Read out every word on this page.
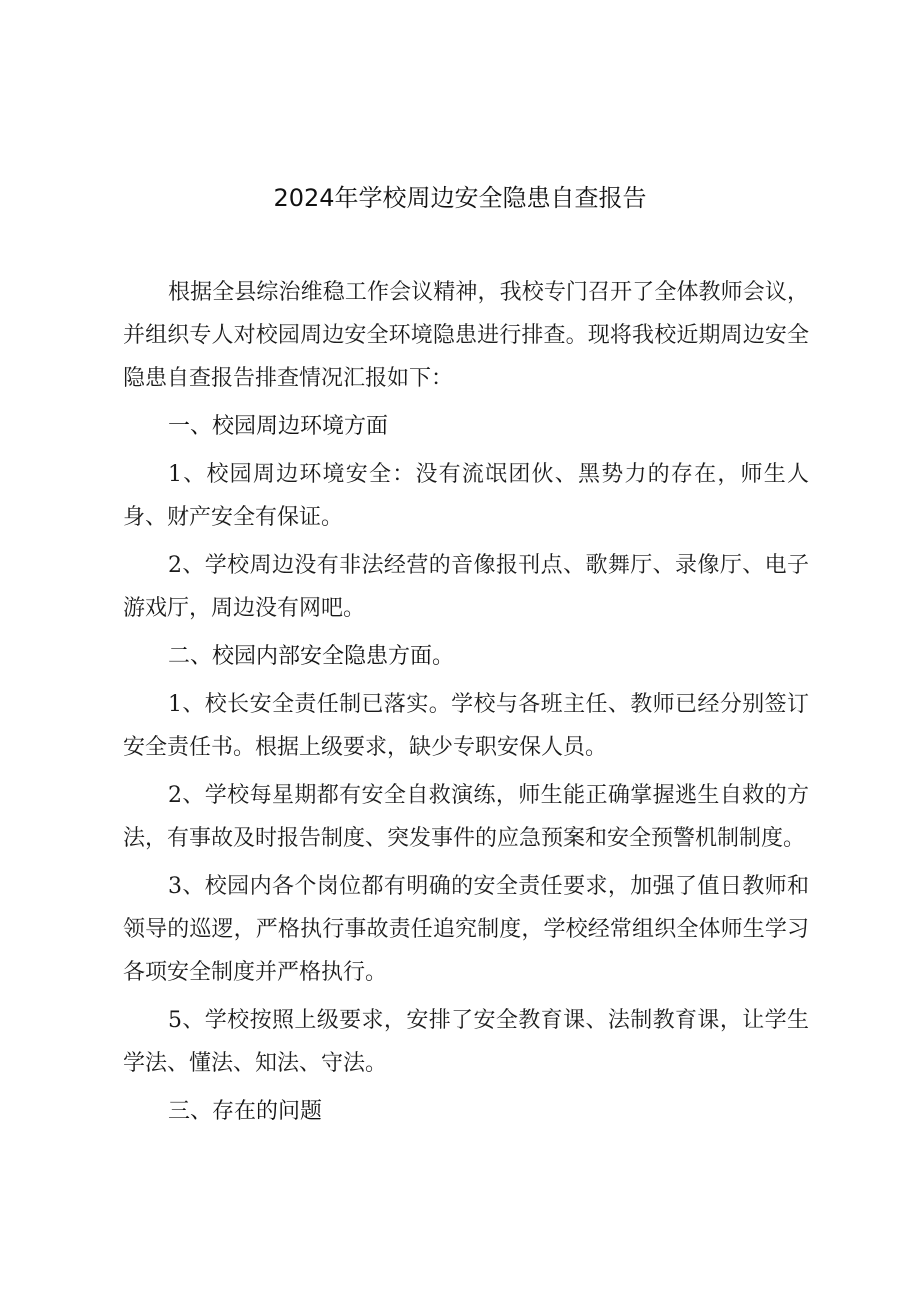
2024年学校周边安全隐患自查报告

根据全县综治维稳工作会议精神，我校专门召开了全体教师会议，并组织专人对校园周边安全环境隐患进行排查。现将我校近期周边安全隐患自查报告排查情况汇报如下：

一、校园周边环境方面

1、校园周边环境安全：没有流氓团伙、黑势力的存在，师生人身、财产安全有保证。

2、学校周边没有非法经营的音像报刊点、歌舞厅、录像厅、电子游戏厅，周边没有网吧。

二、校园内部安全隐患方面。

1、校长安全责任制已落实。学校与各班主任、教师已经分别签订安全责任书。根据上级要求，缺少专职安保人员。

2、学校每星期都有安全自救演练，师生能正确掌握逃生自救的方法，有事故及时报告制度、突发事件的应急预案和安全预警机制制度。

3、校园内各个岗位都有明确的安全责任要求，加强了值日教师和领导的巡逻，严格执行事故责任追究制度，学校经常组织全体师生学习各项安全制度并严格执行。

5、学校按照上级要求，安排了安全教育课、法制教育课，让学生学法、懂法、知法、守法。

三、存在的问题
